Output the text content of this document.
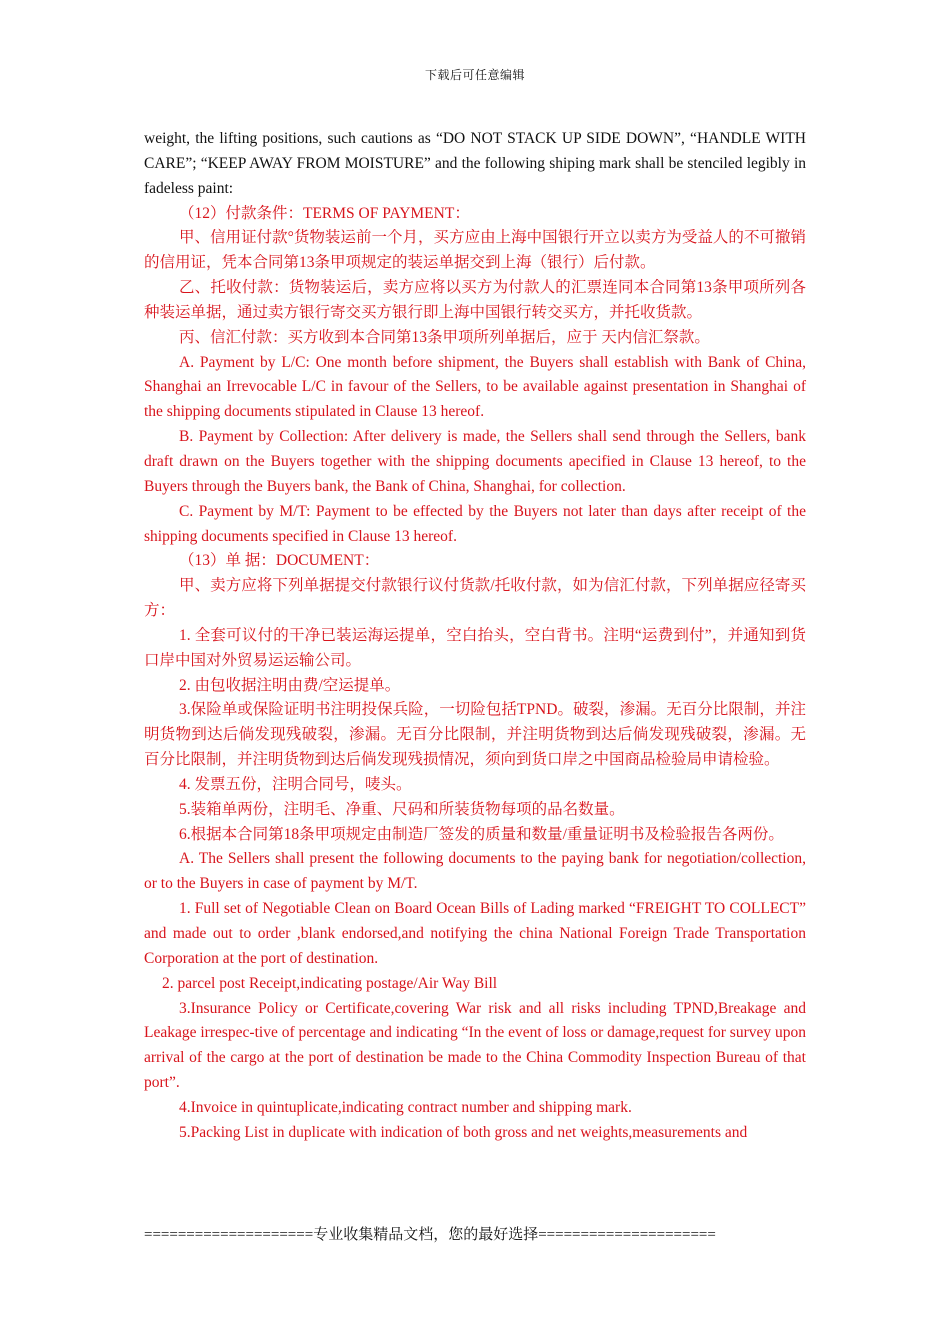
下载后可任意编辑

weight, the lifting positions, such cautions as “DO NOT STACK UP SIDE DOWN”, “HANDLE WITH CARE”; “KEEP AWAY FROM MOISTURE” and the following shiping mark shall be stenciled legibly in fadeless paint:

（12）付款条件：TERMS OF PAYMENT：

甲、信用证付款°货物装运前一个月，买方应由上海中国银行开立以卖方为受益人的不可撤销的信用证，凭本合同第13条甲项规定的装运单据交到上海（银行）后付款。

乙、托收付款：货物装运后，卖方应将以买方为付款人的汇票连同本合同第13条甲项所列各种装运单据，通过卖方银行寄交买方银行即上海中国银行转交买方，并托收货款。

丙、信汇付款：买方收到本合同第13条甲项所列单据后，应于 天内信汇祭款。

A. Payment by L/C: One month before shipment, the Buyers shall establish with Bank of China, Shanghai an Irrevocable L/C in favour of the Sellers, to be available against presentation in Shanghai of the shipping documents stipulated in Clause 13 hereof.

B. Payment by Collection: After delivery is made, the Sellers shall send through the Sellers, bank draft drawn on the Buyers together with the shipping documents apecified in Clause 13 hereof, to the Buyers through the Buyers bank, the Bank of China, Shanghai, for collection.

C. Payment by M/T: Payment to be effected by the Buyers not later than days after receipt of the shipping documents specified in Clause 13 hereof.

（13）单 据：DOCUMENT：

甲、卖方应将下列单据提交付款银行议付货款/托收付款，如为信汇付款，下列单据应径寄买方：

1. 全套可议付的干净已装运海运提单，空白抬头，空白背书。注明“运费到付”，并通知到货口岸中国对外贸易运运输公司。

2. 由包收据注明由费/空运提单。

3.保险单或保险证明书注明投保兵险，一切险包括TPND。破裂，渗漏。无百分比限制，并注明货物到达后倘发现残破裂，渗漏。无百分比限制，并注明货物到达后倘发现残破裂，渗漏。无百分比限制，并注明货物到达后倘发现残损情况，须向到货口岸之中国商品检验局申请检验。

4. 发票五份，注明合同号，唛头。

5.装箱单两份，注明毛、净重、尺码和所装货物每项的品名数量。

6.根据本合同第18条甲项规定由制造厂签发的质量和数量/重量证明书及检验报告各两份。

A. The Sellers shall present the following documents to the paying bank for negotiation/collection, or to the Buyers in case of payment by M/T.

1. Full set of Negotiable Clean on Board Ocean Bills of Lading marked “FREIGHT TO COLLECT” and made out to order ,blank endorsed,and notifying the china National Foreign Trade Transportation Corporation at the port of destination.

2. parcel post Receipt,indicating postage/Air Way Bill

3.Insurance Policy or Certificate,covering War risk and all risks including TPND,Breakage and Leakage irrespec-tive of percentage and indicating “In the event of loss or damage,request for survey upon arrival of the cargo at the port of destination be made to the China Commodity Inspection Bureau of that port”.

4.Invoice in quintuplicate,indicating contract number and shipping mark.

5.Packing List in duplicate with indication of both gross and net weights,measurements and

====================专业收集精品文档，您的最好选择=====================
